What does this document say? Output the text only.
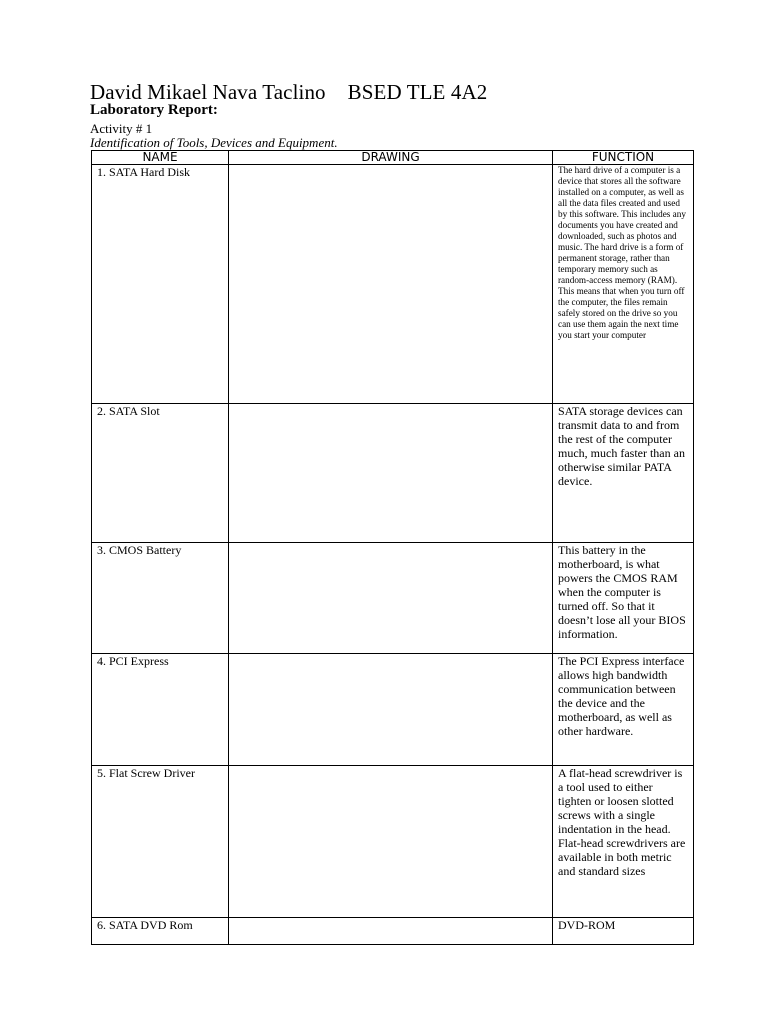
David Mikael Nava Taclino BSED TLE 4A2
Laboratory Report:
Activity # 1
Identification of Tools, Devices and Equipment.
NAME	DRAWING	FUNCTION
1. SATA Hard Disk		The hard drive of a computer is a device that stores all the software installed on a computer, as well as all the data files created and used by this software. This includes any documents you have created and downloaded, such as photos and music. The hard drive is a form of permanent storage, rather than temporary memory such as random-access memory (RAM). This means that when you turn off the computer, the files remain safely stored on the drive so you can use them again the next time you start your computer
2. SATA Slot		SATA storage devices can transmit data to and from the rest of the computer much, much faster than an otherwise similar PATA device.
3. CMOS Battery		This battery in the motherboard, is what powers the CMOS RAM when the computer is turned off. So that it doesn’t lose all your BIOS information.
4. PCI Express		The PCI Express interface allows high bandwidth communication between the device and the motherboard, as well as other hardware.
5. Flat Screw Driver		A flat-head screwdriver is a tool used to either tighten or loosen slotted screws with a single indentation in the head. Flat-head screwdrivers are available in both metric and standard sizes
6. SATA DVD Rom		DVD-ROM
